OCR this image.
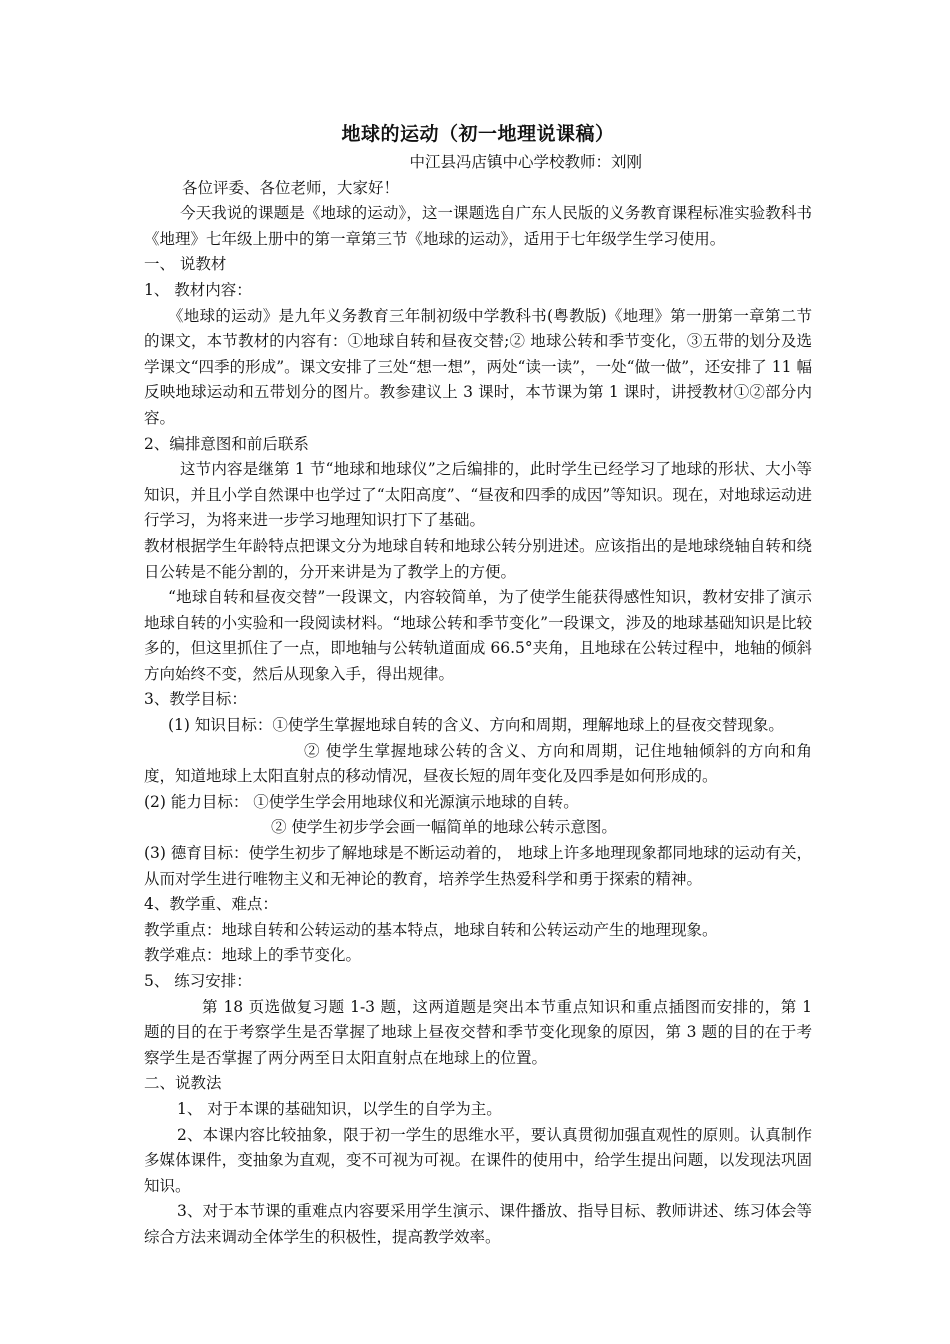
地球的运动（初一地理说课稿）

中江县冯店镇中心学校教师：刘刚

各位评委、各位老师，大家好！

今天我说的课题是《地球的运动》，这一课题选自广东人民版的义务教育课程标准实验教科书《地理》七年级上册中的第一章第三节《地球的运动》，适用于七年级学生学习使用。

一、 说教材

1、 教材内容：

《地球的运动》是九年义务教育三年制初级中学教科书(粤教版)《地理》第一册第一章第二节的课文，本节教材的内容有：①地球自转和昼夜交替;② 地球公转和季节变化，③五带的划分及选学课文“四季的形成”。课文安排了三处“想一想”，两处“读一读”，一处“做一做”，还安排了 11 幅反映地球运动和五带划分的图片。教参建议上 3 课时，本节课为第 1 课时，讲授教材①②部分内容。

2、编排意图和前后联系

这节内容是继第 1 节“地球和地球仪”之后编排的，此时学生已经学习了地球的形状、大小等知识，并且小学自然课中也学过了“太阳高度”、“昼夜和四季的成因”等知识。现在，对地球运动进行学习，为将来进一步学习地理知识打下了基础。

教材根据学生年龄特点把课文分为地球自转和地球公转分别进述。应该指出的是地球绕轴自转和绕日公转是不能分割的，分开来讲是为了教学上的方便。

“地球自转和昼夜交替”一段课文，内容较简单，为了使学生能获得感性知识，教材安排了演示地球自转的小实验和一段阅读材料。“地球公转和季节变化”一段课文，涉及的地球基础知识是比较多的，但这里抓住了一点，即地轴与公转轨道面成 66.5°夹角，且地球在公转过程中，地轴的倾斜方向始终不变，然后从现象入手，得出规律。

3、教学目标：

(1) 知识目标：①使学生掌握地球自转的含义、方向和周期，理解地球上的昼夜交替现象。

② 使学生掌握地球公转的含义、方向和周期，记住地轴倾斜的方向和角度，知道地球上太阳直射点的移动情况，昼夜长短的周年变化及四季是如何形成的。

(2) 能力目标： ①使学生学会用地球仪和光源演示地球的自转。

② 使学生初步学会画一幅简单的地球公转示意图。

(3) 德育目标：使学生初步了解地球是不断运动着的， 地球上许多地理现象都同地球的运动有关， 从而对学生进行唯物主义和无神论的教育，培养学生热爱科学和勇于探索的精神。

4、教学重、难点：

教学重点：地球自转和公转运动的基本特点，地球自转和公转运动产生的地理现象。

教学难点：地球上的季节变化。

5、 练习安排：

第 18 页选做复习题 1-3 题，这两道题是突出本节重点知识和重点插图而安排的，第 1 题的目的在于考察学生是否掌握了地球上昼夜交替和季节变化现象的原因，第 3 题的目的在于考察学生是否掌握了两分两至日太阳直射点在地球上的位置。

二、说教法

1、 对于本课的基础知识，以学生的自学为主。

2、本课内容比较抽象，限于初一学生的思维水平，要认真贯彻加强直观性的原则。认真制作多媒体课件，变抽象为直观，变不可视为可视。在课件的使用中，给学生提出问题，以发现法巩固知识。

3、对于本节课的重难点内容要采用学生演示、课件播放、指导目标、教师讲述、练习体会等综合方法来调动全体学生的积极性，提高教学效率。
